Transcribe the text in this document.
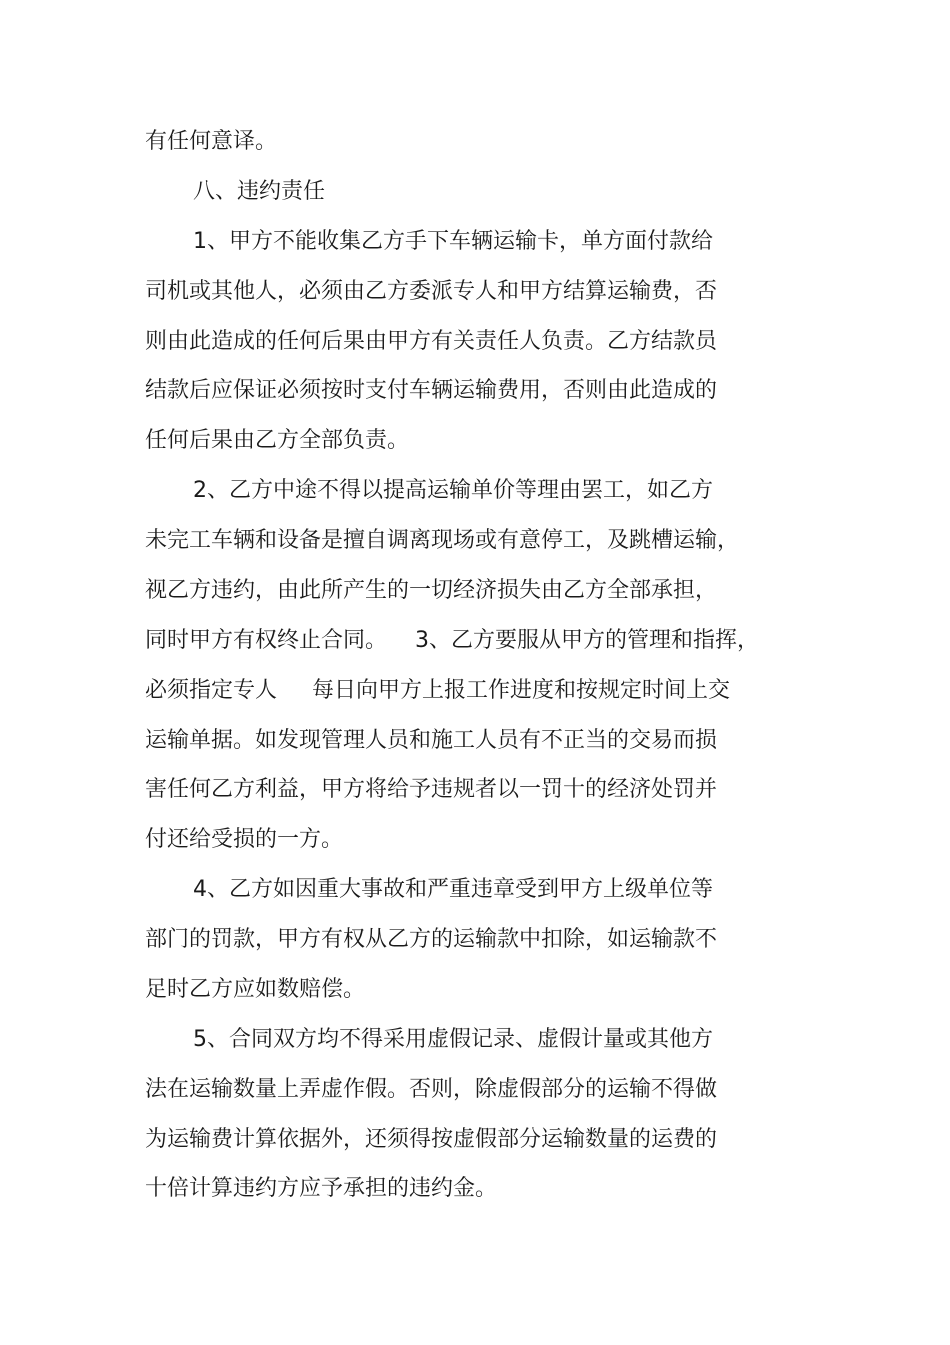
有任何意译。

八、违约责任

1、甲方不能收集乙方手下车辆运输卡，单方面付款给

司机或其他人，必须由乙方委派专人和甲方结算运输费，否

则由此造成的任何后果由甲方有关责任人负责。乙方结款员

结款后应保证必须按时支付车辆运输费用，否则由此造成的

任何后果由乙方全部负责。

2、乙方中途不得以提高运输单价等理由罢工，如乙方

未完工车辆和设备是擅自调离现场或有意停工，及跳槽运输，

视乙方违约，由此所产生的一切经济损失由乙方全部承担，

同时甲方有权终止合同。    3、乙方要服从甲方的管理和指挥，

必须指定专人     每日向甲方上报工作进度和按规定时间上交

运输单据。如发现管理人员和施工人员有不正当的交易而损

害任何乙方利益，甲方将给予违规者以一罚十的经济处罚并

付还给受损的一方。

4、乙方如因重大事故和严重违章受到甲方上级单位等

部门的罚款，甲方有权从乙方的运输款中扣除，如运输款不

足时乙方应如数赔偿。

5、合同双方均不得采用虚假记录、虚假计量或其他方

法在运输数量上弄虚作假。否则，除虚假部分的运输不得做

为运输费计算依据外，还须得按虚假部分运输数量的运费的

十倍计算违约方应予承担的违约金。
